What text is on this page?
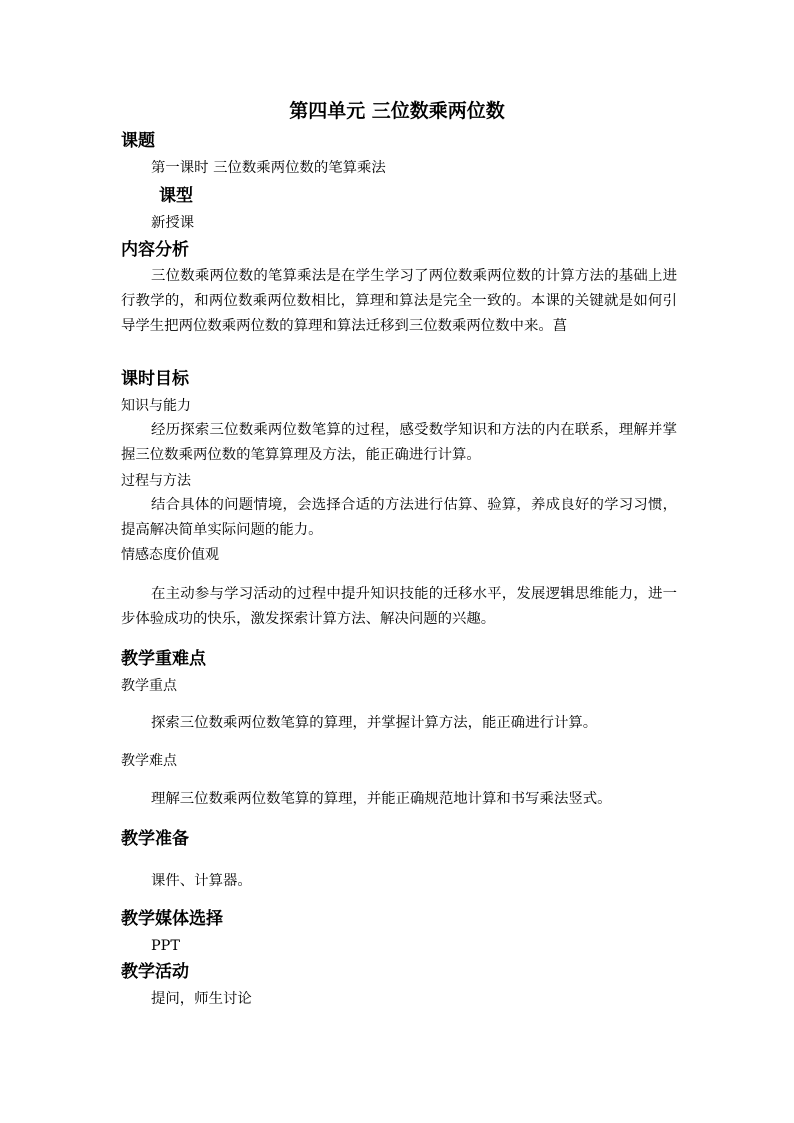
第四单元 三位数乘两位数
课题
第一课时 三位数乘两位数的笔算乘法
课型
新授课
内容分析
三位数乘两位数的笔算乘法是在学生学习了两位数乘两位数的计算方法的基础上进行教学的，和两位数乘两位数相比，算理和算法是完全一致的。本课的关键就是如何引导学生把两位数乘两位数的算理和算法迁移到三位数乘两位数中来。菖
课时目标
知识与能力
经历探索三位数乘两位数笔算的过程，感受数学知识和方法的内在联系，理解并掌握三位数乘两位数的笔算算理及方法，能正确进行计算。
过程与方法
结合具体的问题情境，会选择合适的方法进行估算、验算，养成良好的学习习惯，提高解决简单实际问题的能力。
情感态度价值观
在主动参与学习活动的过程中提升知识技能的迁移水平，发展逻辑思维能力，进一步体验成功的快乐，激发探索计算方法、解决问题的兴趣。
教学重难点
教学重点
探索三位数乘两位数笔算的算理，并掌握计算方法，能正确进行计算。
教学难点
理解三位数乘两位数笔算的算理，并能正确规范地计算和书写乘法竖式。
教学准备
课件、计算器。
教学媒体选择
PPT
教学活动
提问，师生讨论
